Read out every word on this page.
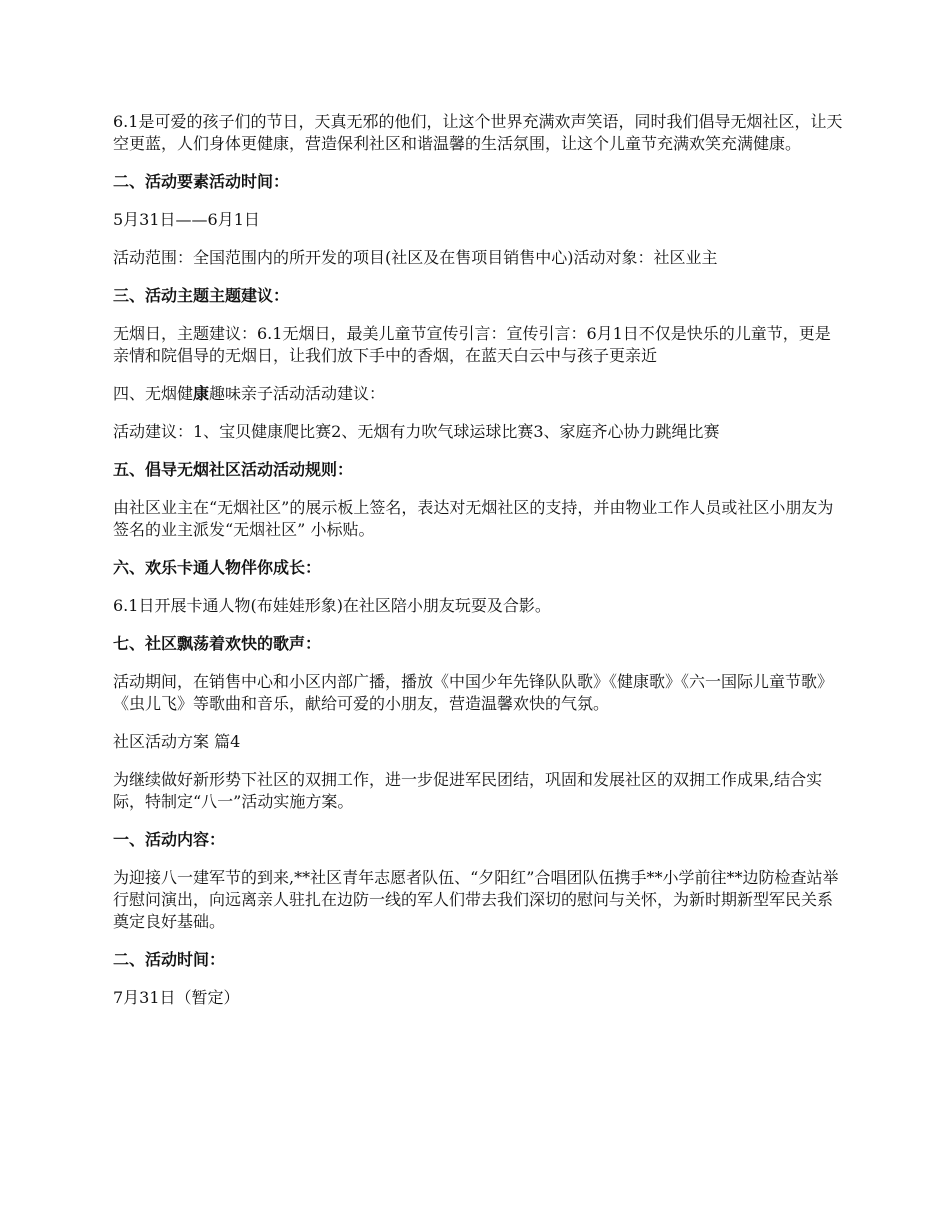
6.1是可爱的孩子们的节日，天真无邪的他们，让这个世界充满欢声笑语，同时我们倡导无烟社区，让天空更蓝，人们身体更健康，营造保利社区和谐温馨的生活氛围，让这个儿童节充满欢笑充满健康。

二、活动要素活动时间：

5月31日——6月1日

活动范围：全国范围内的所开发的项目(社区及在售项目销售中心)活动对象：社区业主

三、活动主题主题建议：

无烟日，主题建议：6.1无烟日，最美儿童节宣传引言：宣传引言：6月1日不仅是快乐的儿童节，更是亲情和院倡导的无烟日，让我们放下手中的香烟，在蓝天白云中与孩子更亲近

四、无烟健康趣味亲子活动活动建议：

活动建议：1、宝贝健康爬比赛2、无烟有力吹气球运球比赛3、家庭齐心协力跳绳比赛

五、倡导无烟社区活动活动规则：

由社区业主在“无烟社区”的展示板上签名，表达对无烟社区的支持，并由物业工作人员或社区小朋友为签名的业主派发“无烟社区” 小标贴。

六、欢乐卡通人物伴你成长：

6.1日开展卡通人物(布娃娃形象)在社区陪小朋友玩耍及合影。

七、社区飘荡着欢快的歌声：

活动期间，在销售中心和小区内部广播，播放《中国少年先锋队队歌》《健康歌》《六一国际儿童节歌》《虫儿飞》等歌曲和音乐，献给可爱的小朋友，营造温馨欢快的气氛。

社区活动方案 篇4

为继续做好新形势下社区的双拥工作，进一步促进军民团结，巩固和发展社区的双拥工作成果,结合实际，特制定“八一”活动实施方案。

一、活动内容：

为迎接八一建军节的到来,**社区青年志愿者队伍、“夕阳红”合唱团队伍携手**小学前往**边防检查站举行慰问演出，向远离亲人驻扎在边防一线的军人们带去我们深切的慰问与关怀，为新时期新型军民关系奠定良好基础。

二、活动时间：

7月31日（暂定）
